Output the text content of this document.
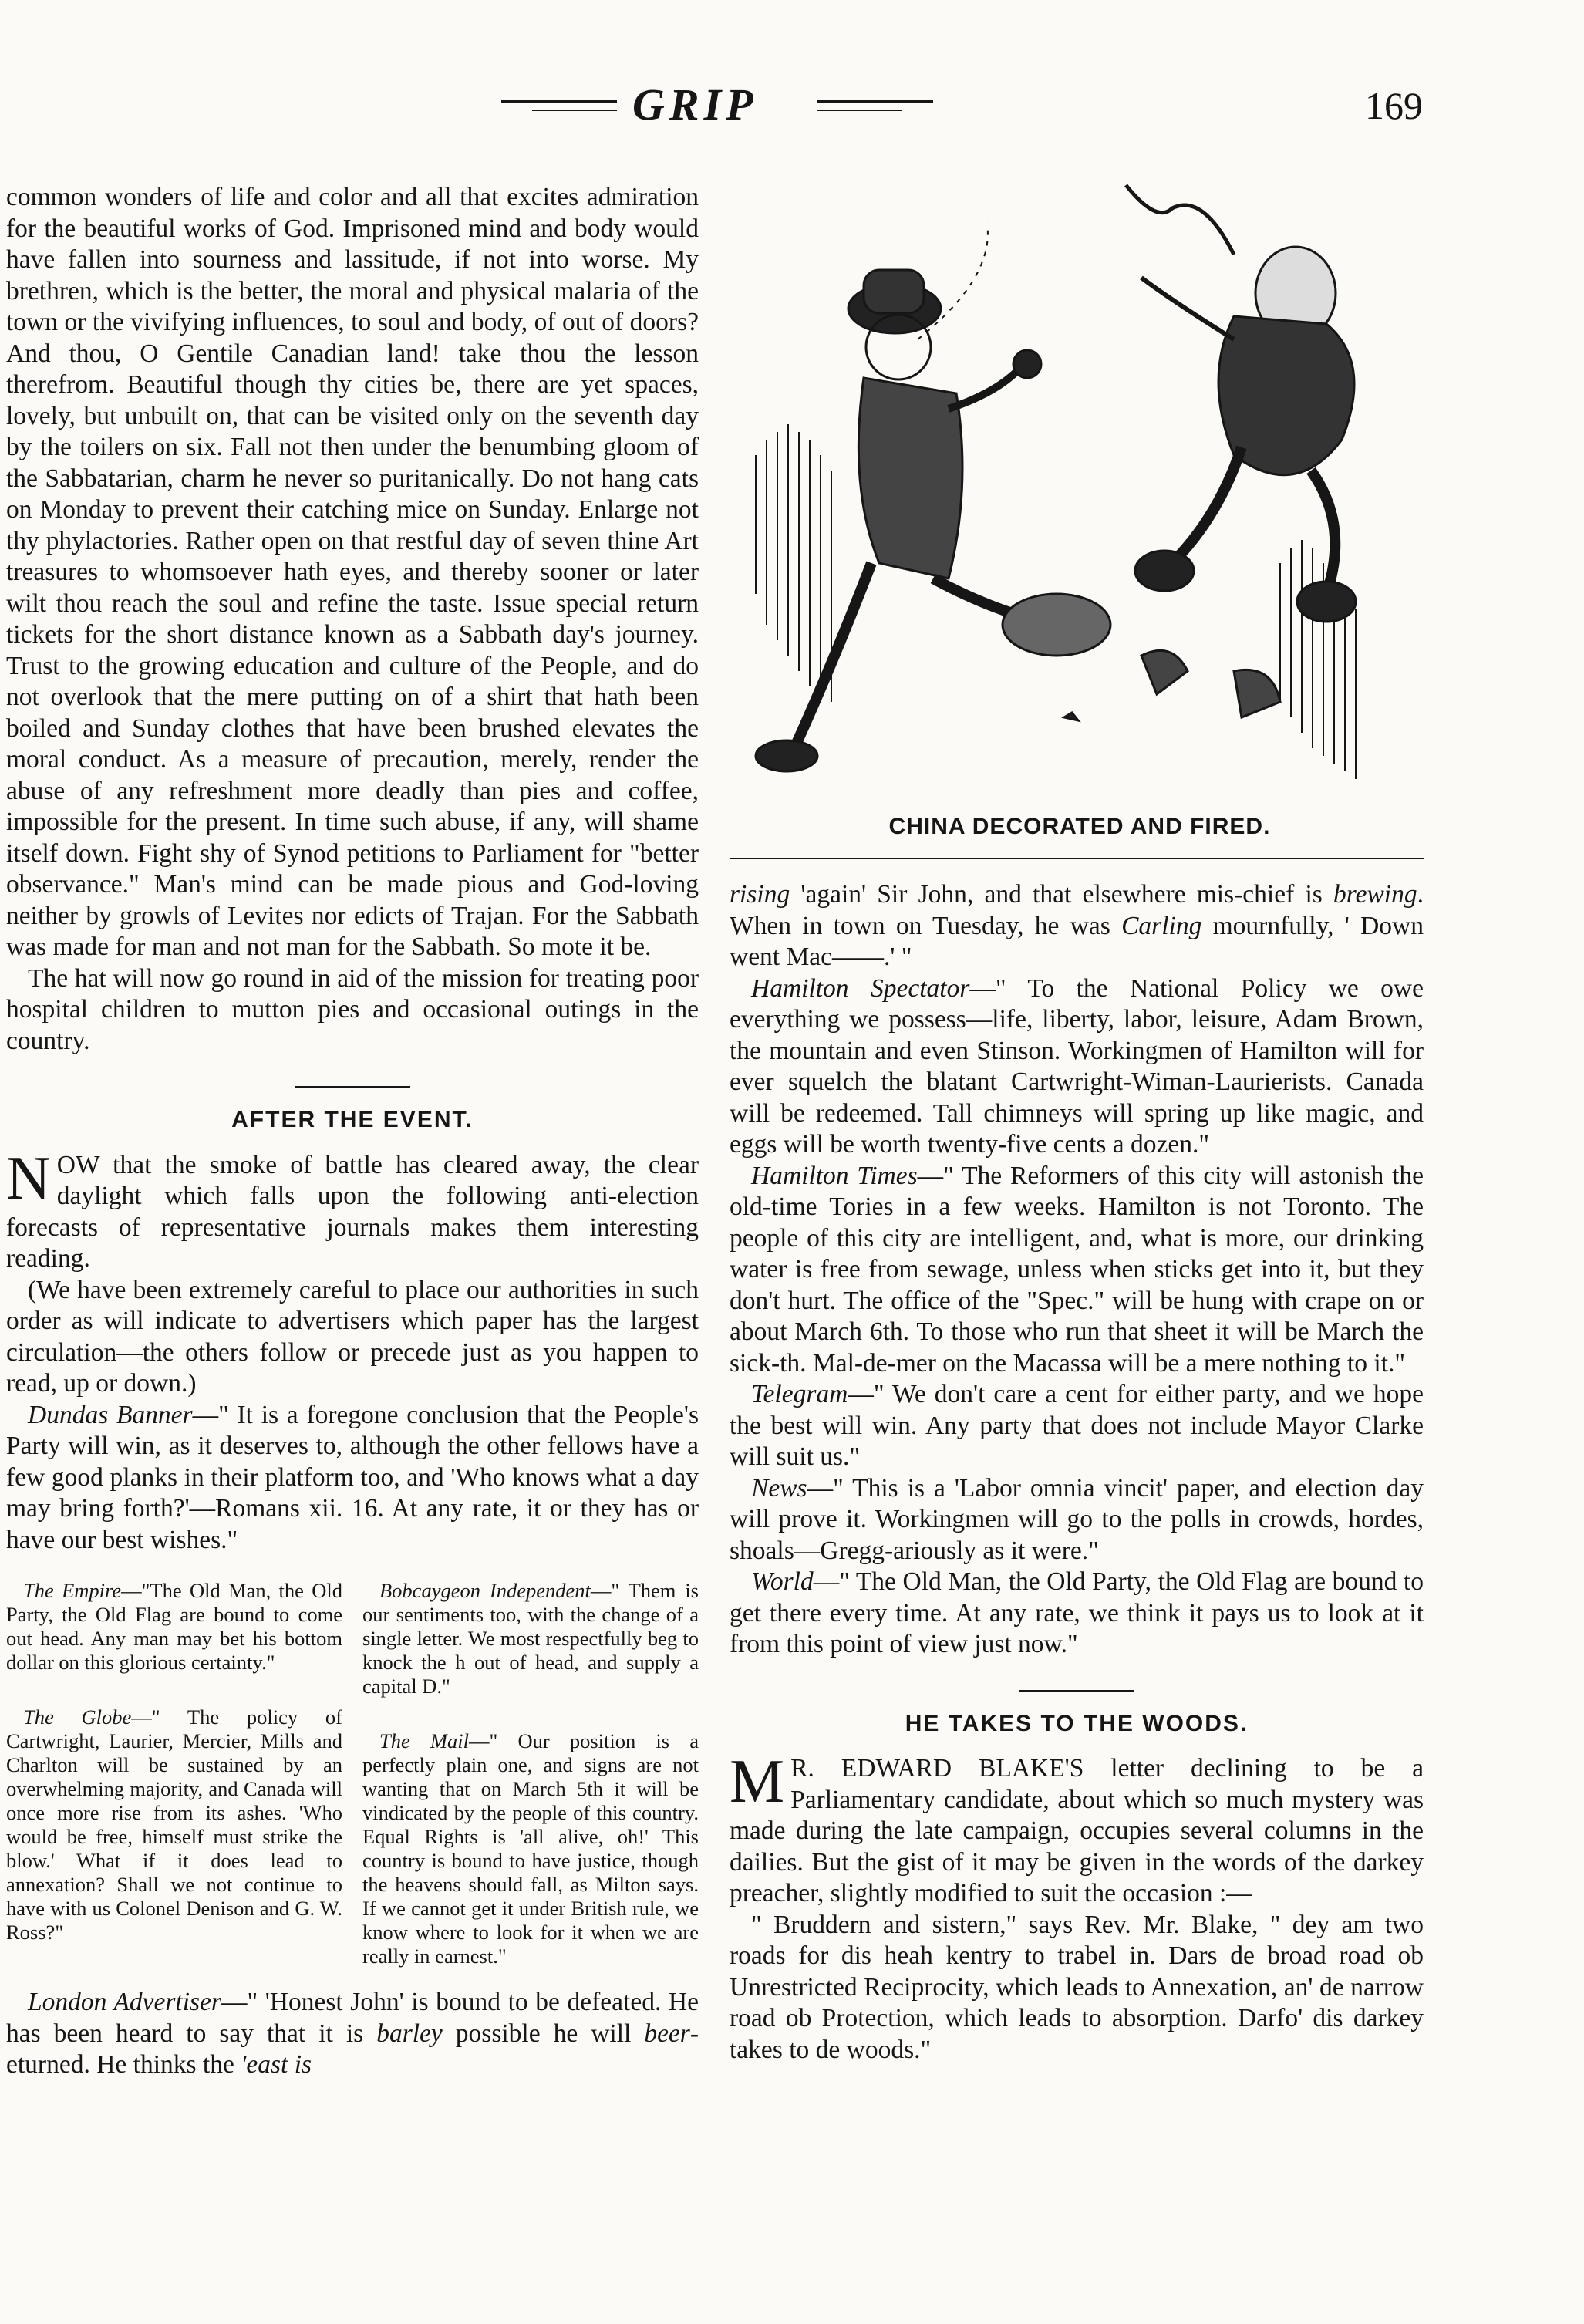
GRIP	169

common wonders of life and color and all that excites admiration for the beautiful works of God. Imprisoned mind and body would have fallen into sourness and lassitude, if not into worse. My brethren, which is the better, the moral and physical malaria of the town or the vivifying influences, to soul and body, of out of doors? And thou, O Gentile Canadian land! take thou the lesson therefrom. Beautiful though thy cities be, there are yet spaces, lovely, but unbuilt on, that can be visited only on the seventh day by the toilers on six. Fall not then under the benumbing gloom of the Sabbatarian, charm he never so puritanically. Do not hang cats on Monday to prevent their catching mice on Sunday. Enlarge not thy phylactories. Rather open on that restful day of seven thine Art treasures to whomsoever hath eyes, and thereby sooner or later wilt thou reach the soul and refine the taste. Issue special return tickets for the short distance known as a Sabbath day's journey. Trust to the growing education and culture of the People, and do not overlook that the mere putting on of a shirt that hath been boiled and Sunday clothes that have been brushed elevates the moral conduct. As a measure of precaution, merely, render the abuse of any refreshment more deadly than pies and coffee, impossible for the present. In time such abuse, if any, will shame itself down. Fight shy of Synod petitions to Parliament for "better observance." Man's mind can be made pious and God-loving neither by growls of Levites nor edicts of Trajan. For the Sabbath was made for man and not man for the Sabbath. So mote it be.

The hat will now go round in aid of the mission for treating poor hospital children to mutton pies and occasional outings in the country.

AFTER THE EVENT.

NOW that the smoke of battle has cleared away, the clear daylight which falls upon the following anti-election forecasts of representative journals makes them interesting reading.

(We have been extremely careful to place our authorities in such order as will indicate to advertisers which paper has the largest circulation—the others follow or precede just as you happen to read, up or down.)

Dundas Banner—" It is a foregone conclusion that the People's Party will win, as it deserves to, although the other fellows have a few good planks in their platform too, and 'Who knows what a day may bring forth?'—Romans xii. 16. At any rate, it or they has or have our best wishes."

The Empire—"The Old Man, the Old Party, the Old Flag are bound to come out head. Any man may bet his bottom dollar on this glorious certainty."

The Globe—" The policy of Cartwright, Laurier, Mercier, Mills and Charlton will be sustained by an overwhelming majority, and Canada will once more rise from its ashes. 'Who would be free, himself must strike the blow.' What if it does lead to annexation? Shall we not continue to have with us Colonel Denison and G. W. Ross?"

Bobcaygeon Independent—" Them is our sentiments too, with the change of a single letter. We most respectfully beg to knock the h out of head, and supply a capital D."

The Mail—" Our position is a perfectly plain one, and signs are not wanting that on March 5th it will be vindicated by the people of this country. Equal Rights is 'all alive, oh!' This country is bound to have justice, though the heavens should fall, as Milton says. If we cannot get it under British rule, we know where to look for it when we are really in earnest."

London Advertiser—" 'Honest John' is bound to be defeated. He has been heard to say that it is barley possible he will beer-eturned. He thinks the 'east is

CHINA DECORATED AND FIRED.

rising 'again' Sir John, and that elsewhere mis-chief is brewing. When in town on Tuesday, he was Carling mournfully, ' Down went Mac——.' "

Hamilton Spectator—" To the National Policy we owe everything we possess—life, liberty, labor, leisure, Adam Brown, the mountain and even Stinson. Workingmen of Hamilton will for ever squelch the blatant Cartwright-Wiman-Laurierists. Canada will be redeemed. Tall chimneys will spring up like magic, and eggs will be worth twenty-five cents a dozen."

Hamilton Times—" The Reformers of this city will astonish the old-time Tories in a few weeks. Hamilton is not Toronto. The people of this city are intelligent, and, what is more, our drinking water is free from sewage, unless when sticks get into it, but they don't hurt. The office of the "Spec." will be hung with crape on or about March 6th. To those who run that sheet it will be March the sick-th. Mal-de-mer on the Macassa will be a mere nothing to it."

Telegram—" We don't care a cent for either party, and we hope the best will win. Any party that does not include Mayor Clarke will suit us."

News—" This is a 'Labor omnia vincit' paper, and election day will prove it. Workingmen will go to the polls in crowds, hordes, shoals—Gregg-ariously as it were."

World—" The Old Man, the Old Party, the Old Flag are bound to get there every time. At any rate, we think it pays us to look at it from this point of view just now."

HE TAKES TO THE WOODS.

M R. EDWARD BLAKE'S letter declining to be a Parliamentary candidate, about which so much mystery was made during the late campaign, occupies several columns in the dailies. But the gist of it may be given in the words of the darkey preacher, slightly modified to suit the occasion :—

" Bruddern and sistern," says Rev. Mr. Blake, " dey am two roads for dis heah kentry to trabel in. Dars de broad road ob Unrestricted Reciprocity, which leads to Annexation, an' de narrow road ob Protection, which leads to absorption. Darfo' dis darkey takes to de woods."
